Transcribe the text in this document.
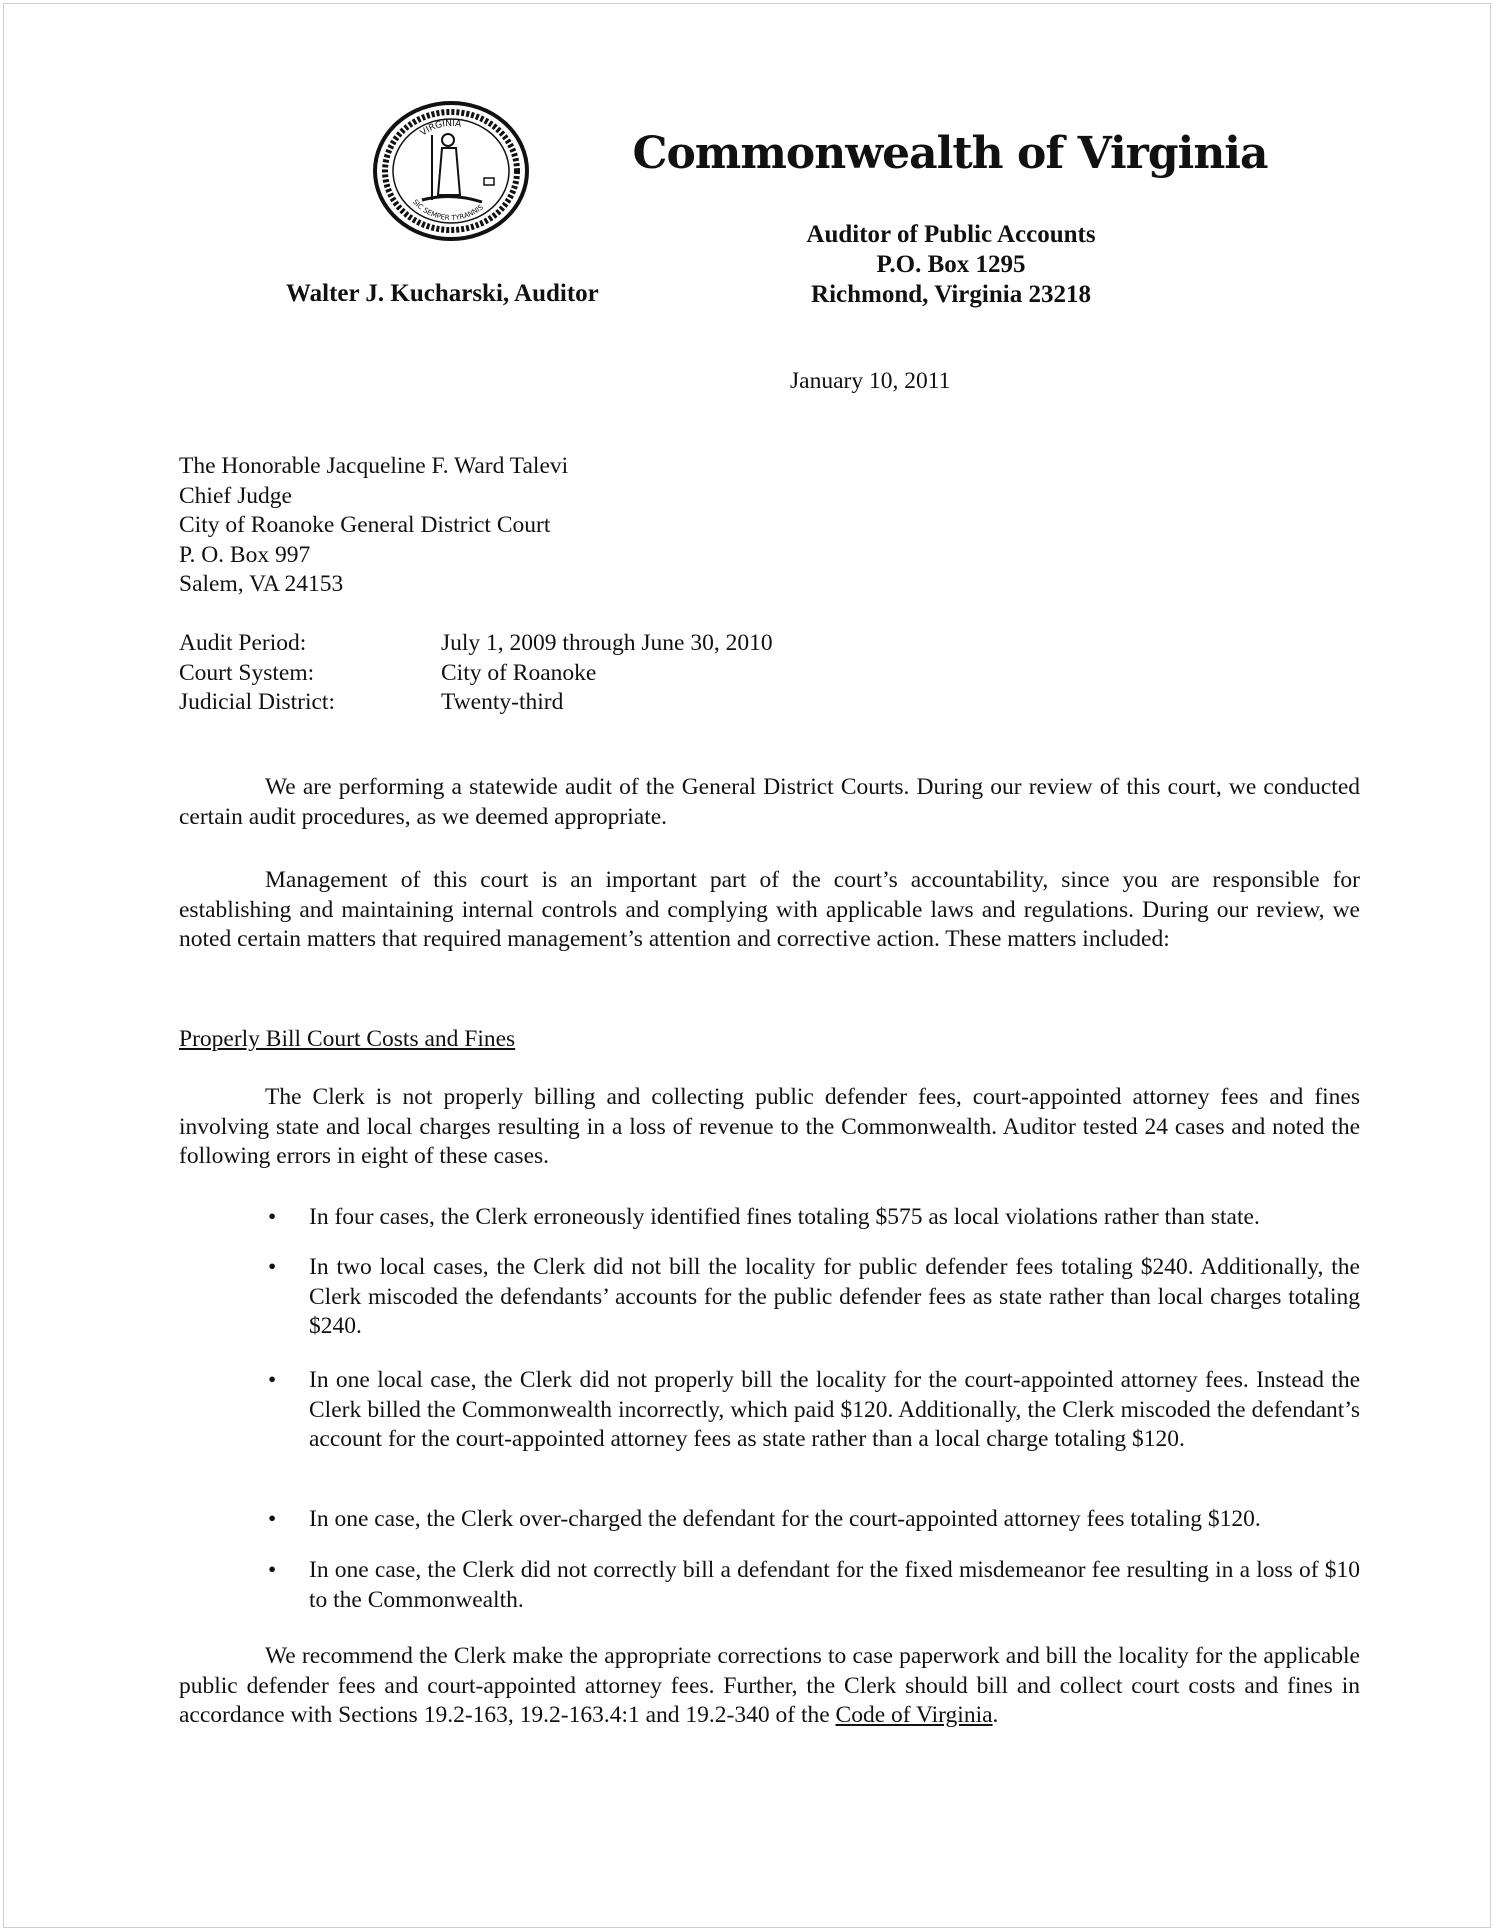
VIRGINIA
SIC SEMPER TYRANNIS
Commonwealth of Virginia
Auditor of Public Accounts
P.O. Box 1295
Richmond, Virginia 23218
Walter J. Kucharski, Auditor
January 10, 2011
The Honorable Jacqueline F. Ward Talevi
Chief Judge
City of Roanoke General District Court
P. O. Box 997
Salem, VA 24153
Audit Period:	July 1, 2009 through June 30, 2010
Court System:	City of Roanoke
Judicial District:	Twenty-third
We are performing a statewide audit of the General District Courts. During our review of this court, we conducted certain audit procedures, as we deemed appropriate.
Management of this court is an important part of the court’s accountability, since you are responsible for establishing and maintaining internal controls and complying with applicable laws and regulations. During our review, we noted certain matters that required management’s attention and corrective action. These matters included:
Properly Bill Court Costs and Fines
The Clerk is not properly billing and collecting public defender fees, court-appointed attorney fees and fines involving state and local charges resulting in a loss of revenue to the Commonwealth. Auditor tested 24 cases and noted the following errors in eight of these cases.
•	In four cases, the Clerk erroneously identified fines totaling $575 as local violations rather than state.
•	In two local cases, the Clerk did not bill the locality for public defender fees totaling $240. Additionally, the Clerk miscoded the defendants’ accounts for the public defender fees as state rather than local charges totaling $240.
•	In one local case, the Clerk did not properly bill the locality for the court-appointed attorney fees. Instead the Clerk billed the Commonwealth incorrectly, which paid $120. Additionally, the Clerk miscoded the defendant’s account for the court-appointed attorney fees as state rather than a local charge totaling $120.
•	In one case, the Clerk over-charged the defendant for the court-appointed attorney fees totaling $120.
•	In one case, the Clerk did not correctly bill a defendant for the fixed misdemeanor fee resulting in a loss of $10 to the Commonwealth.
We recommend the Clerk make the appropriate corrections to case paperwork and bill the locality for the applicable public defender fees and court-appointed attorney fees. Further, the Clerk should bill and collect court costs and fines in accordance with Sections 19.2-163, 19.2-163.4:1 and 19.2-340 of the Code of Virginia.
